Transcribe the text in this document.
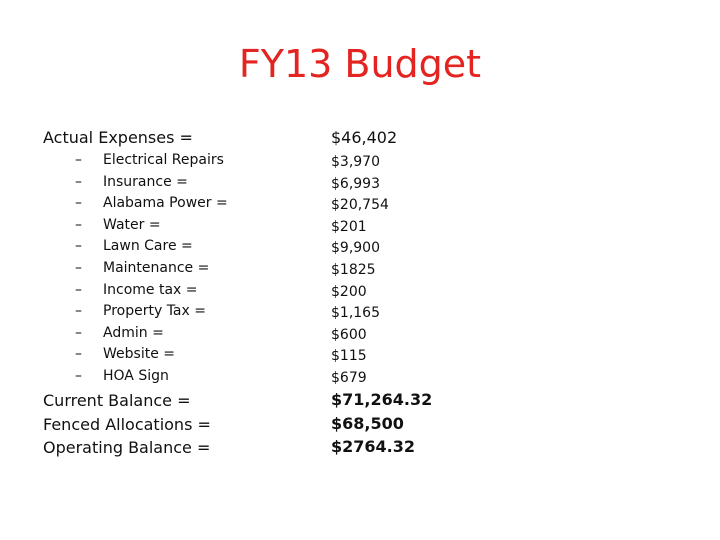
FY13 Budget
Actual Expenses =	$46,402
– Electrical Repairs	$3,970
– Insurance =	$6,993
– Alabama Power =	$20,754
– Water =	$201
– Lawn Care =	$9,900
– Maintenance =	$1825
– Income tax =	$200
– Property Tax =	$1,165
– Admin =	$600
– Website =	$115
– HOA Sign	$679
Current Balance =	$71,264.32
Fenced Allocations =	$68,500
Operating Balance =	$2764.32
